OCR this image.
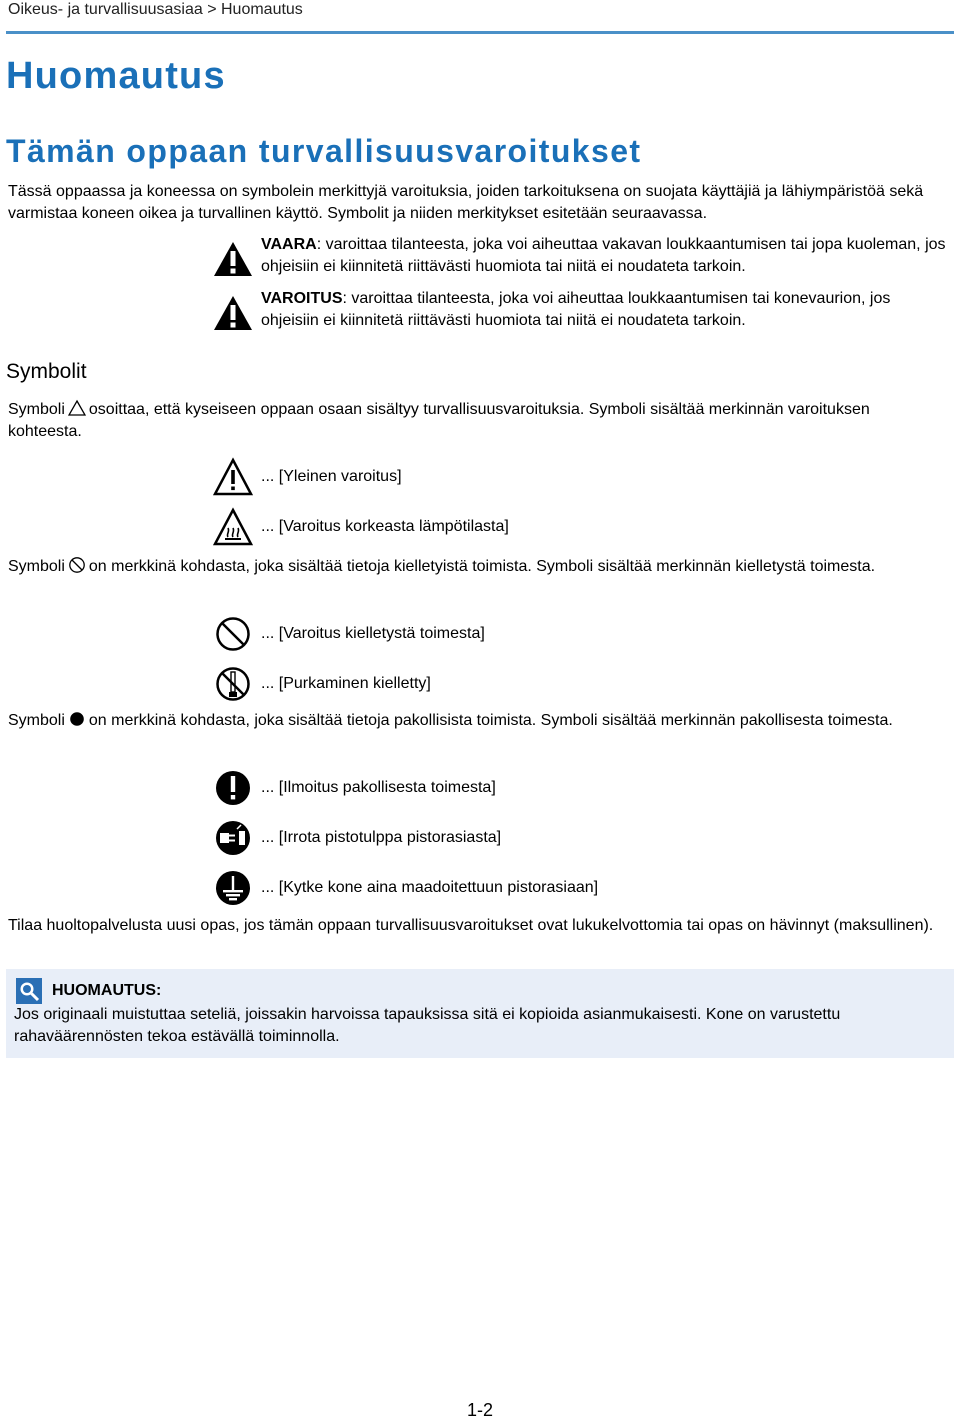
Oikeus- ja turvallisuusasiaa > Huomautus
Huomautus
Tämän oppaan turvallisuusvaroitukset
Tässä oppaassa ja koneessa on symbolein merkittyjä varoituksia, joiden tarkoituksena on suojata käyttäjiä ja lähiympäristöä sekä varmistaa koneen oikea ja turvallinen käyttö. Symbolit ja niiden merkitykset esitetään seuraavassa.
VAARA: varoittaa tilanteesta, joka voi aiheuttaa vakavan loukkaantumisen tai jopa kuoleman, jos ohjeisiin ei kiinnitetä riittävästi huomiota tai niitä ei noudateta tarkoin.
VAROITUS: varoittaa tilanteesta, joka voi aiheuttaa loukkaantumisen tai konevaurion, jos ohjeisiin ei kiinnitetä riittävästi huomiota tai niitä ei noudateta tarkoin.
Symbolit
Symboli osoittaa, että kyseiseen oppaan osaan sisältyy turvallisuusvaroituksia. Symboli sisältää merkinnän varoituksen kohteesta.
... [Yleinen varoitus]
... [Varoitus korkeasta lämpötilasta]
Symboli on merkkinä kohdasta, joka sisältää tietoja kielletyistä toimista. Symboli sisältää merkinnän kielletystä toimesta.
... [Varoitus kielletystä toimesta]
... [Purkaminen kielletty]
Symboli on merkkinä kohdasta, joka sisältää tietoja pakollisista toimista. Symboli sisältää merkinnän pakollisesta toimesta.
... [Ilmoitus pakollisesta toimesta]
... [Irrota pistotulppa pistorasiasta]
... [Kytke kone aina maadoitettuun pistorasiaan]
Tilaa huoltopalvelusta uusi opas, jos tämän oppaan turvallisuusvaroitukset ovat lukukelvottomia tai opas on hävinnyt (maksullinen).
HUOMAUTUS:
Jos originaali muistuttaa seteliä, joissakin harvoissa tapauksissa sitä ei kopioida asianmukaisesti. Kone on varustettu rahaväärennösten tekoa estävällä toiminnolla.
1-2
